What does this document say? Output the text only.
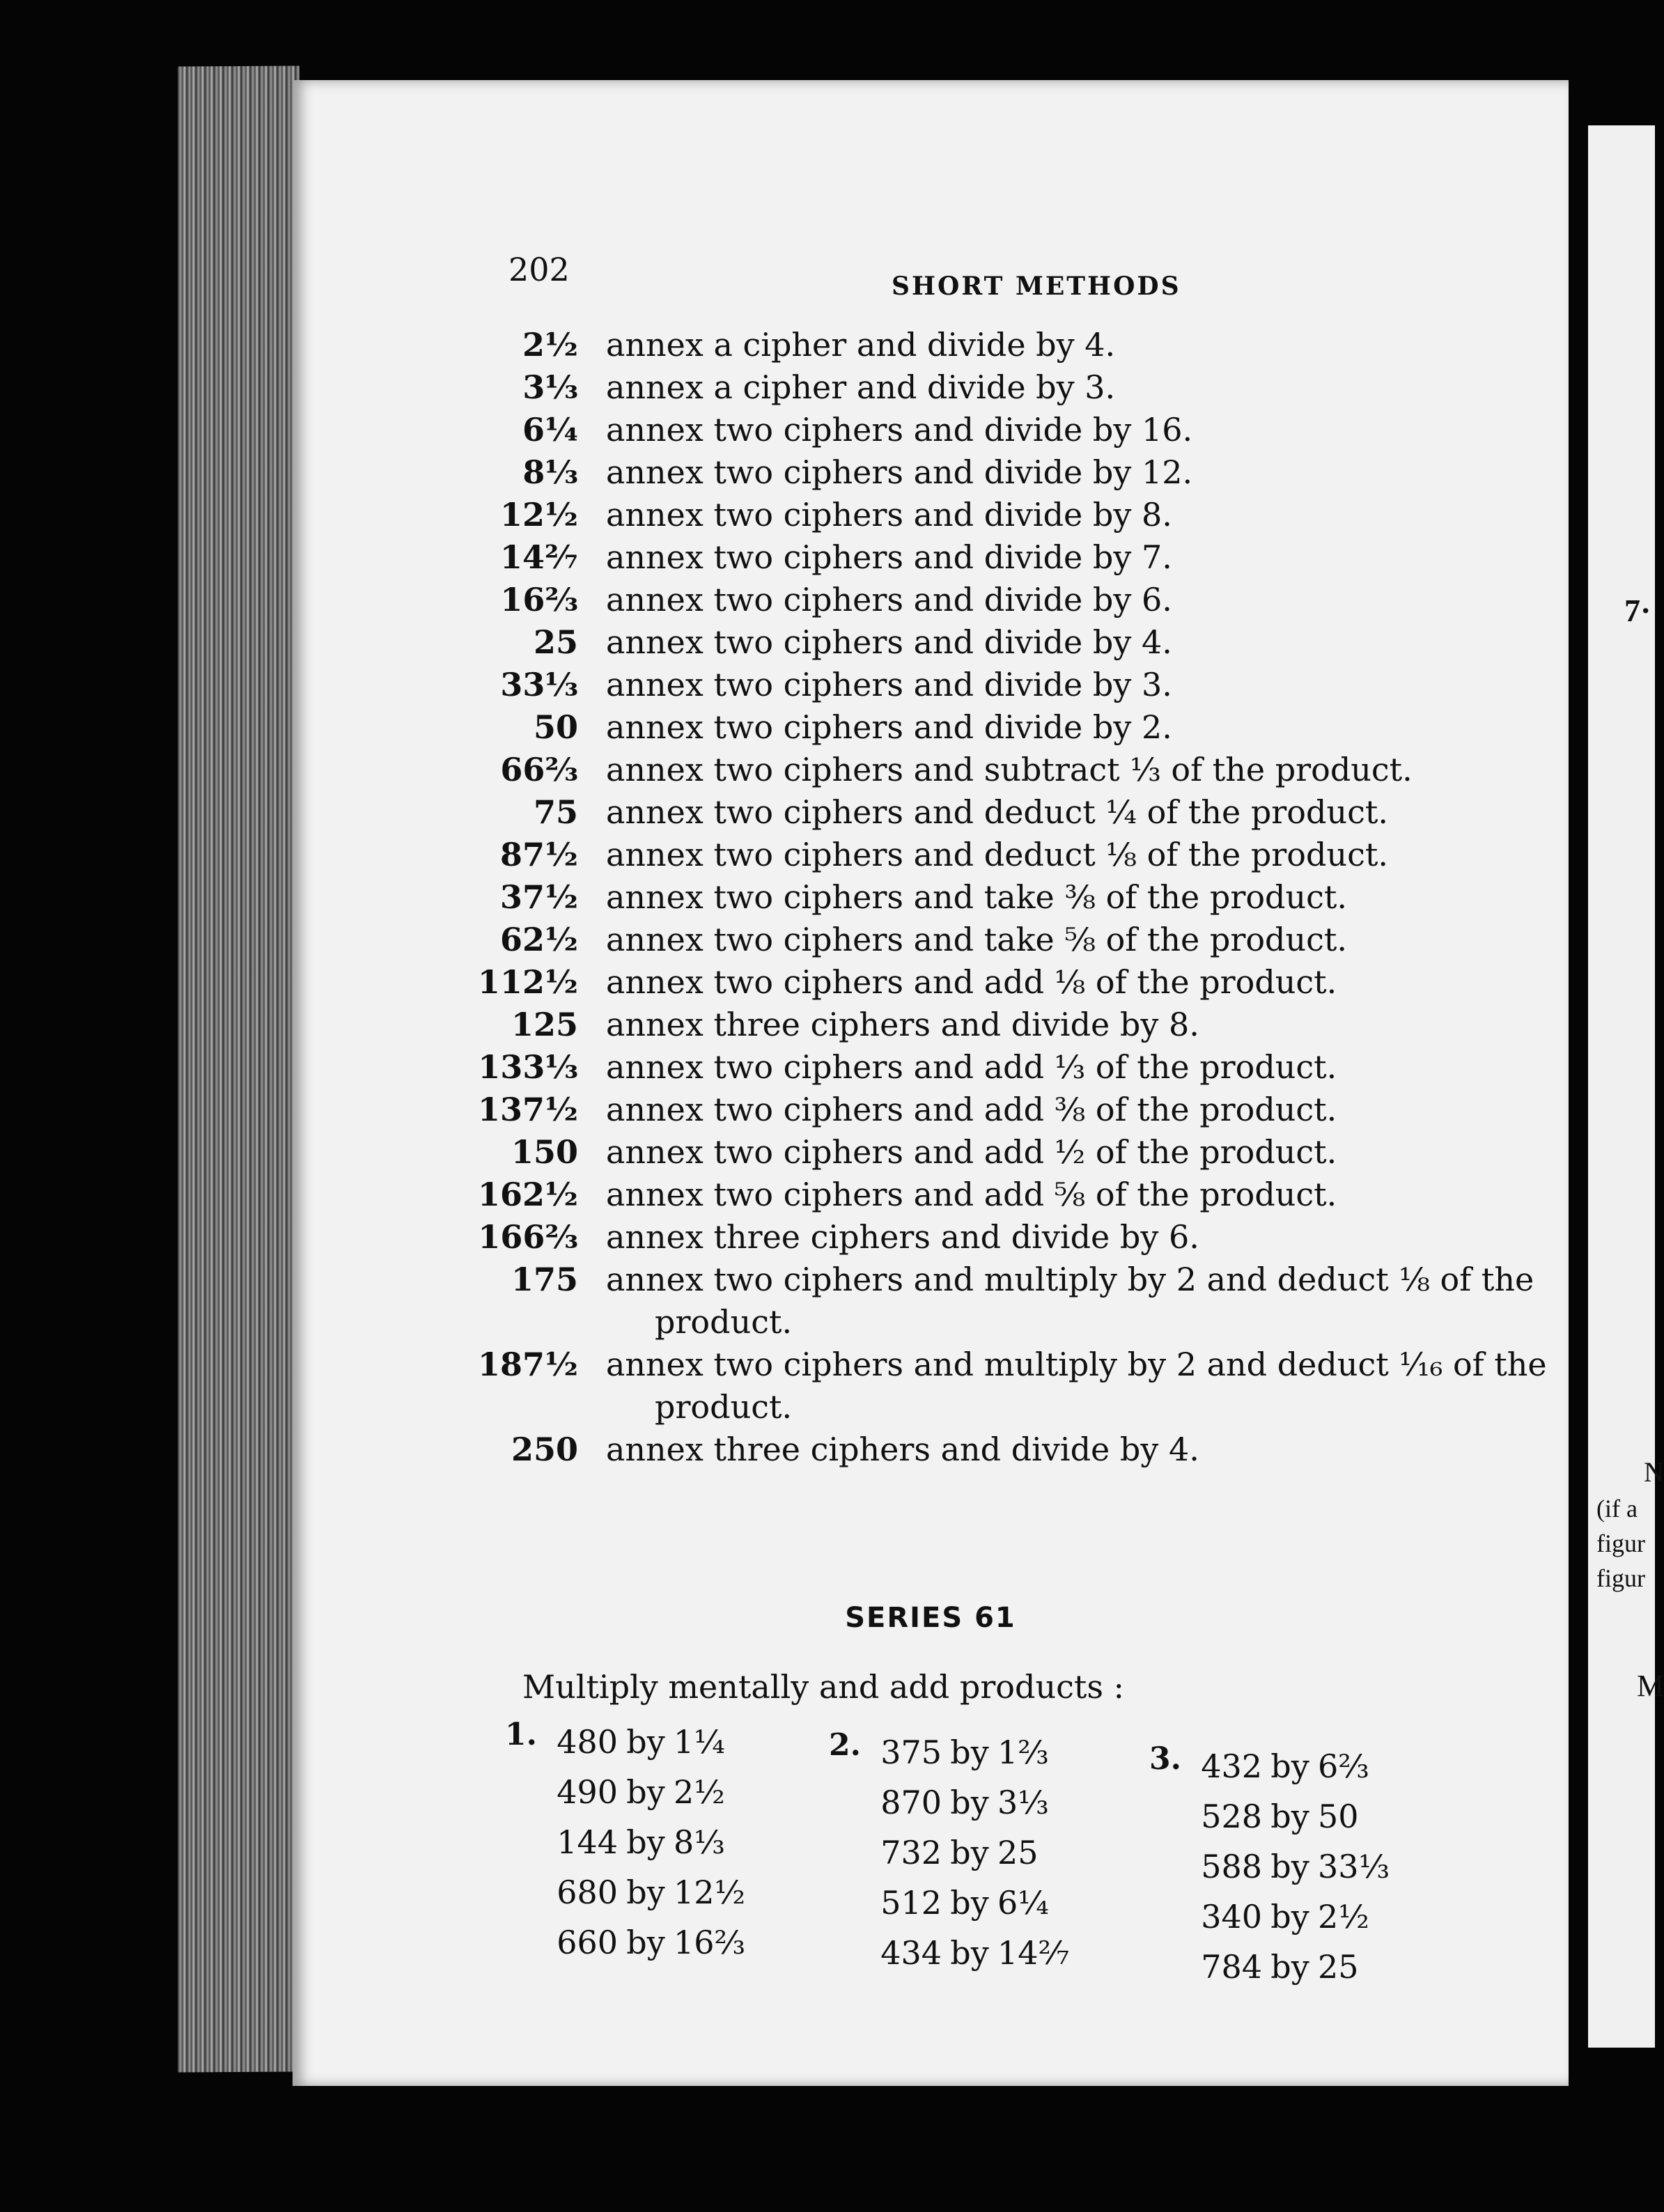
202	SHORT METHODS
2½ annex a cipher and divide by 4.
3⅓ annex a cipher and divide by 3.
6¼ annex two ciphers and divide by 16.
8⅓ annex two ciphers and divide by 12.
12½ annex two ciphers and divide by 8.
14²⁄₇ annex two ciphers and divide by 7.
16⅔ annex two ciphers and divide by 6.
25 annex two ciphers and divide by 4.
33⅓ annex two ciphers and divide by 3.
50 annex two ciphers and divide by 2.
66⅔ annex two ciphers and subtract ⅓ of the product.
75 annex two ciphers and deduct ¼ of the product.
87½ annex two ciphers and deduct ⅛ of the product.
37½ annex two ciphers and take ⅜ of the product.
62½ annex two ciphers and take ⅝ of the product.
112½ annex two ciphers and add ⅛ of the product.
125 annex three ciphers and divide by 8.
133⅓ annex two ciphers and add ⅓ of the product.
137½ annex two ciphers and add ⅜ of the product.
150 annex two ciphers and add ½ of the product.
162½ annex two ciphers and add ⅝ of the product.
166⅔ annex three ciphers and divide by 6.
175 annex two ciphers and multiply by 2 and deduct ⅛ of the
product.
187½ annex two ciphers and multiply by 2 and deduct ¹⁄₁₆ of the
product.
250 annex three ciphers and divide by 4.
SERIES 61
Multiply mentally and add products :
1. 480 by 1¼
490 by 2½
144 by 8⅓
680 by 12½
660 by 16⅔
2. 375 by 1⅔
870 by 3⅓
732 by 25
512 by 6¼
434 by 14²⁄₇
3. 432 by 6⅔
528 by 50
588 by 33⅓
340 by 2½
784 by 25
7·
N
(if a
figur
figur
M
